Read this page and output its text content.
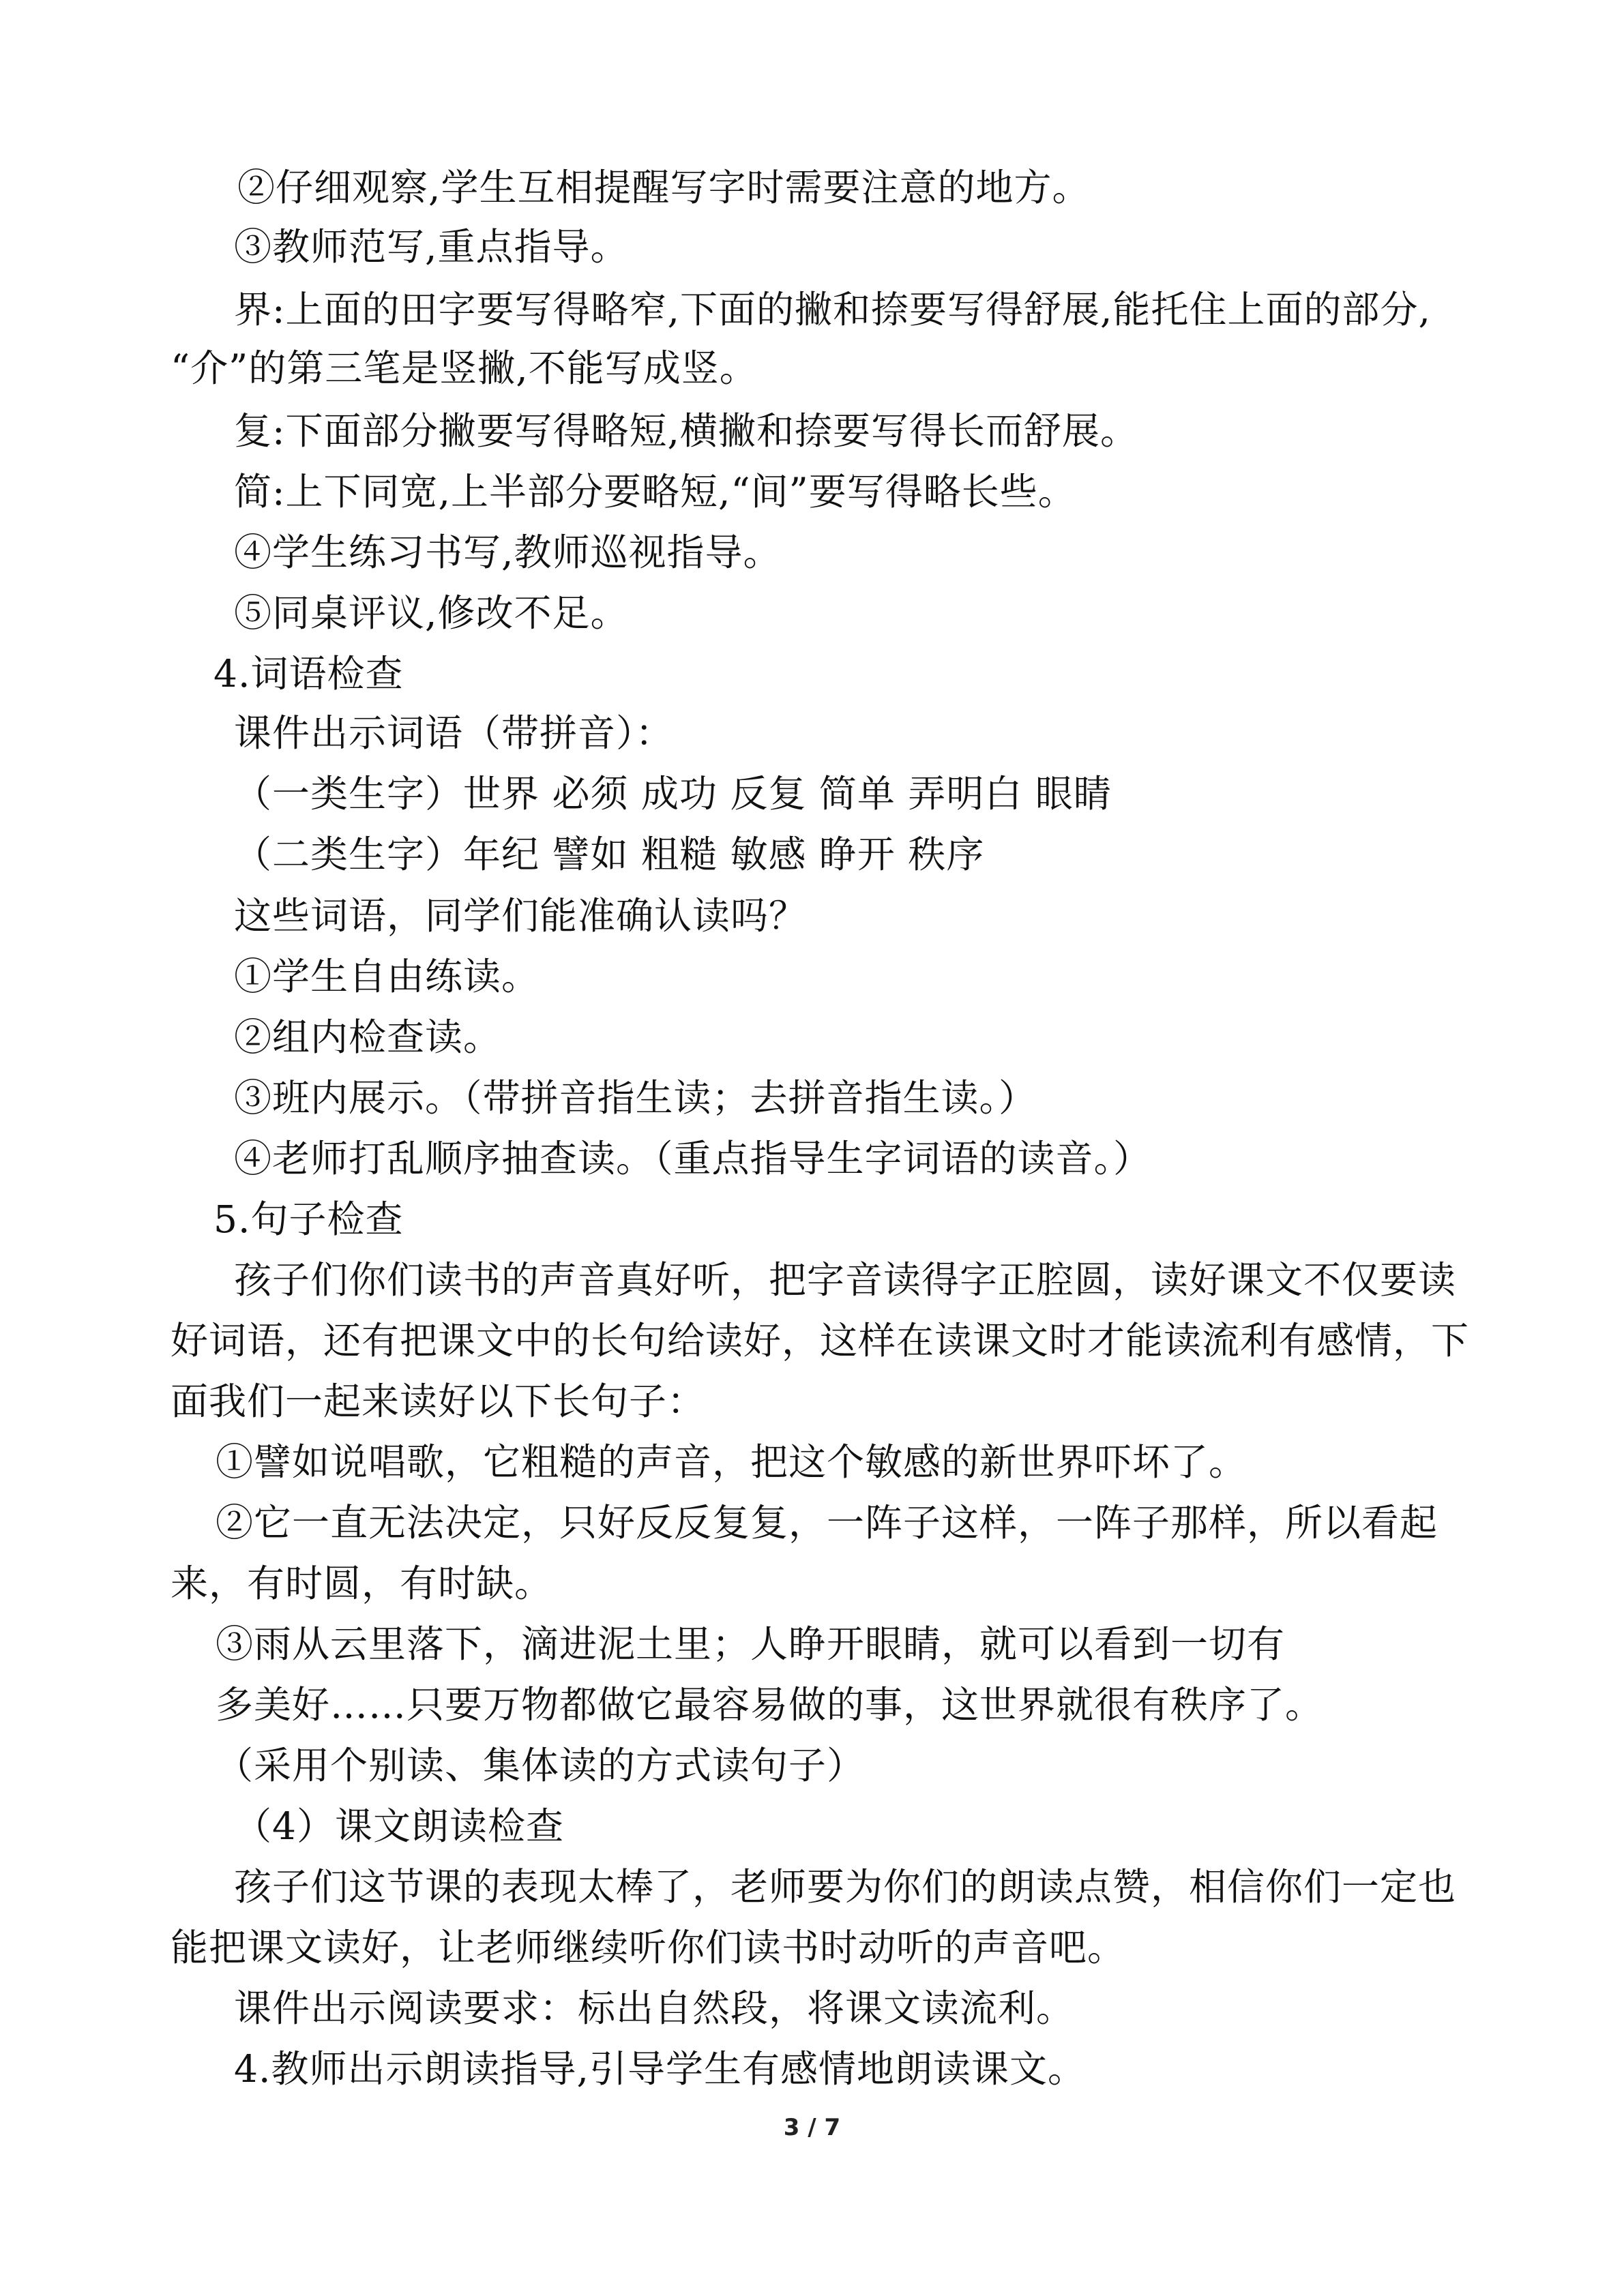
②仔细观察,学生互相提醒写字时需要注意的地方。
③教师范写,重点指导。
界:上面的田字要写得略窄,下面的撇和捺要写得舒展,能托住上面的部分,
“介”的第三笔是竖撇,不能写成竖。
复:下面部分撇要写得略短,横撇和捺要写得长而舒展。
简:上下同宽,上半部分要略短,“间”要写得略长些。
④学生练习书写,教师巡视指导。
⑤同桌评议,修改不足。
4.词语检查
课件出示词语（带拼音）：
（一类生字）世界 必须 成功 反复 简单 弄明白 眼睛
（二类生字）年纪 譬如 粗糙 敏感 睁开 秩序
这些词语，同学们能准确认读吗？
①学生自由练读。
②组内检查读。
③班内展示。（带拼音指生读；去拼音指生读。）
④老师打乱顺序抽查读。（重点指导生字词语的读音。）
5.句子检查
孩子们你们读书的声音真好听，把字音读得字正腔圆，读好课文不仅要读
好词语，还有把课文中的长句给读好，这样在读课文时才能读流利有感情，下
面我们一起来读好以下长句子：
①譬如说唱歌，它粗糙的声音，把这个敏感的新世界吓坏了。
②它一直无法决定，只好反反复复，一阵子这样，一阵子那样，所以看起
来，有时圆，有时缺。
③雨从云里落下，滴进泥土里；人睁开眼睛，就可以看到一切有
多美好……只要万物都做它最容易做的事，这世界就很有秩序了。
（采用个别读、集体读的方式读句子）
（4）课文朗读检查
孩子们这节课的表现太棒了，老师要为你们的朗读点赞，相信你们一定也
能把课文读好，让老师继续听你们读书时动听的声音吧。
课件出示阅读要求：标出自然段，将课文读流利。
4.教师出示朗读指导,引导学生有感情地朗读课文。
3 / 7
